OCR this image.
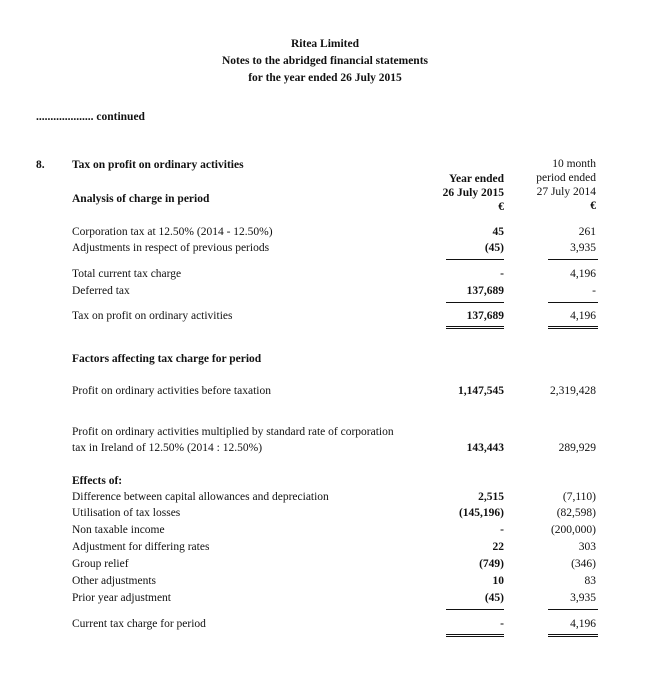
Ritea Limited
Notes to the abridged financial statements
for the year ended 26 July 2015
.................... continued
8. Tax on profit on ordinary activities
Year ended
26 July 2015
€
10 month
period ended
27 July 2014
€
Analysis of charge in period
Corporation tax at 12.50% (2014 - 12.50%)	45	261
Adjustments in respect of previous periods	(45)	3,935
Total current tax charge	-	4,196
Deferred tax	137,689	-
Tax on profit on ordinary activities	137,689	4,196
Factors affecting tax charge for period
Profit on ordinary activities before taxation	1,147,545	2,319,428
Profit on ordinary activities multiplied by standard rate of corporation
tax in Ireland of 12.50% (2014 : 12.50%)	143,443	289,929
Effects of:
Difference between capital allowances and depreciation	2,515	(7,110)
Utilisation of tax losses	(145,196)	(82,598)
Non taxable income	-	(200,000)
Adjustment for differing rates	22	303
Group relief	(749)	(346)
Other adjustments	10	83
Prior year adjustment	(45)	3,935
Current tax charge for period	-	4,196
